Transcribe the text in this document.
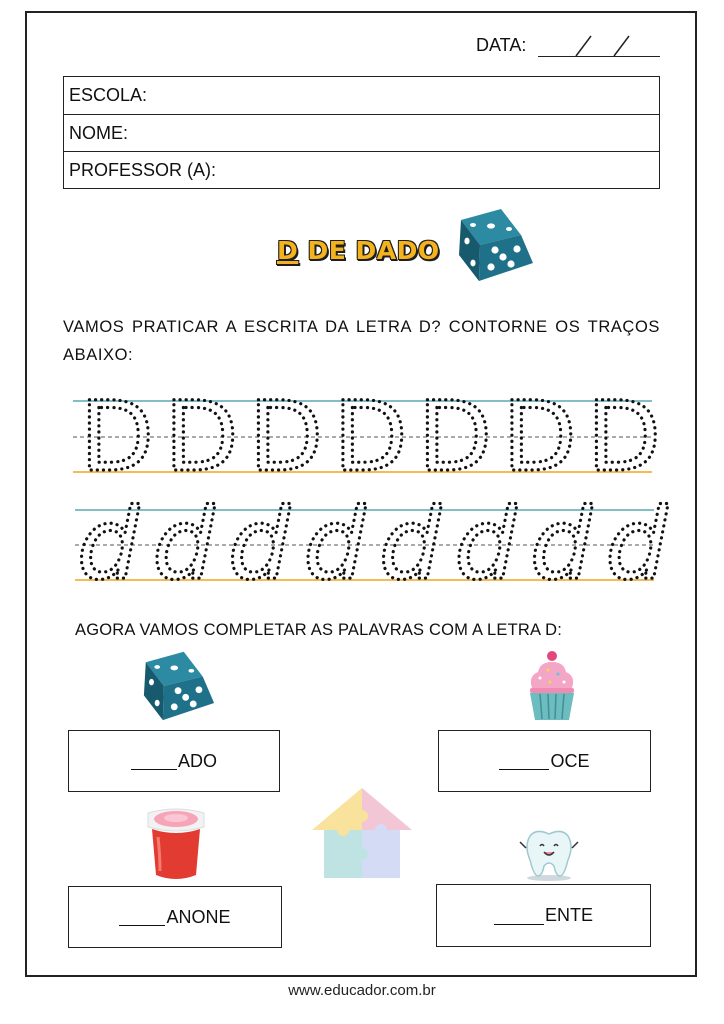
DATA:
ESCOLA:
NOME:
PROFESSOR (A):
D DE DADO
VAMOS PRATICAR A ESCRITA DA LETRA D? CONTORNE OS TRAÇOS ABAIXO:
D D D D D D D
d d d d d d d d
AGORA VAMOS COMPLETAR AS PALAVRAS COM A LETRA D:
ADO	OCE
ANONE	ENTE
www.educador.com.br
